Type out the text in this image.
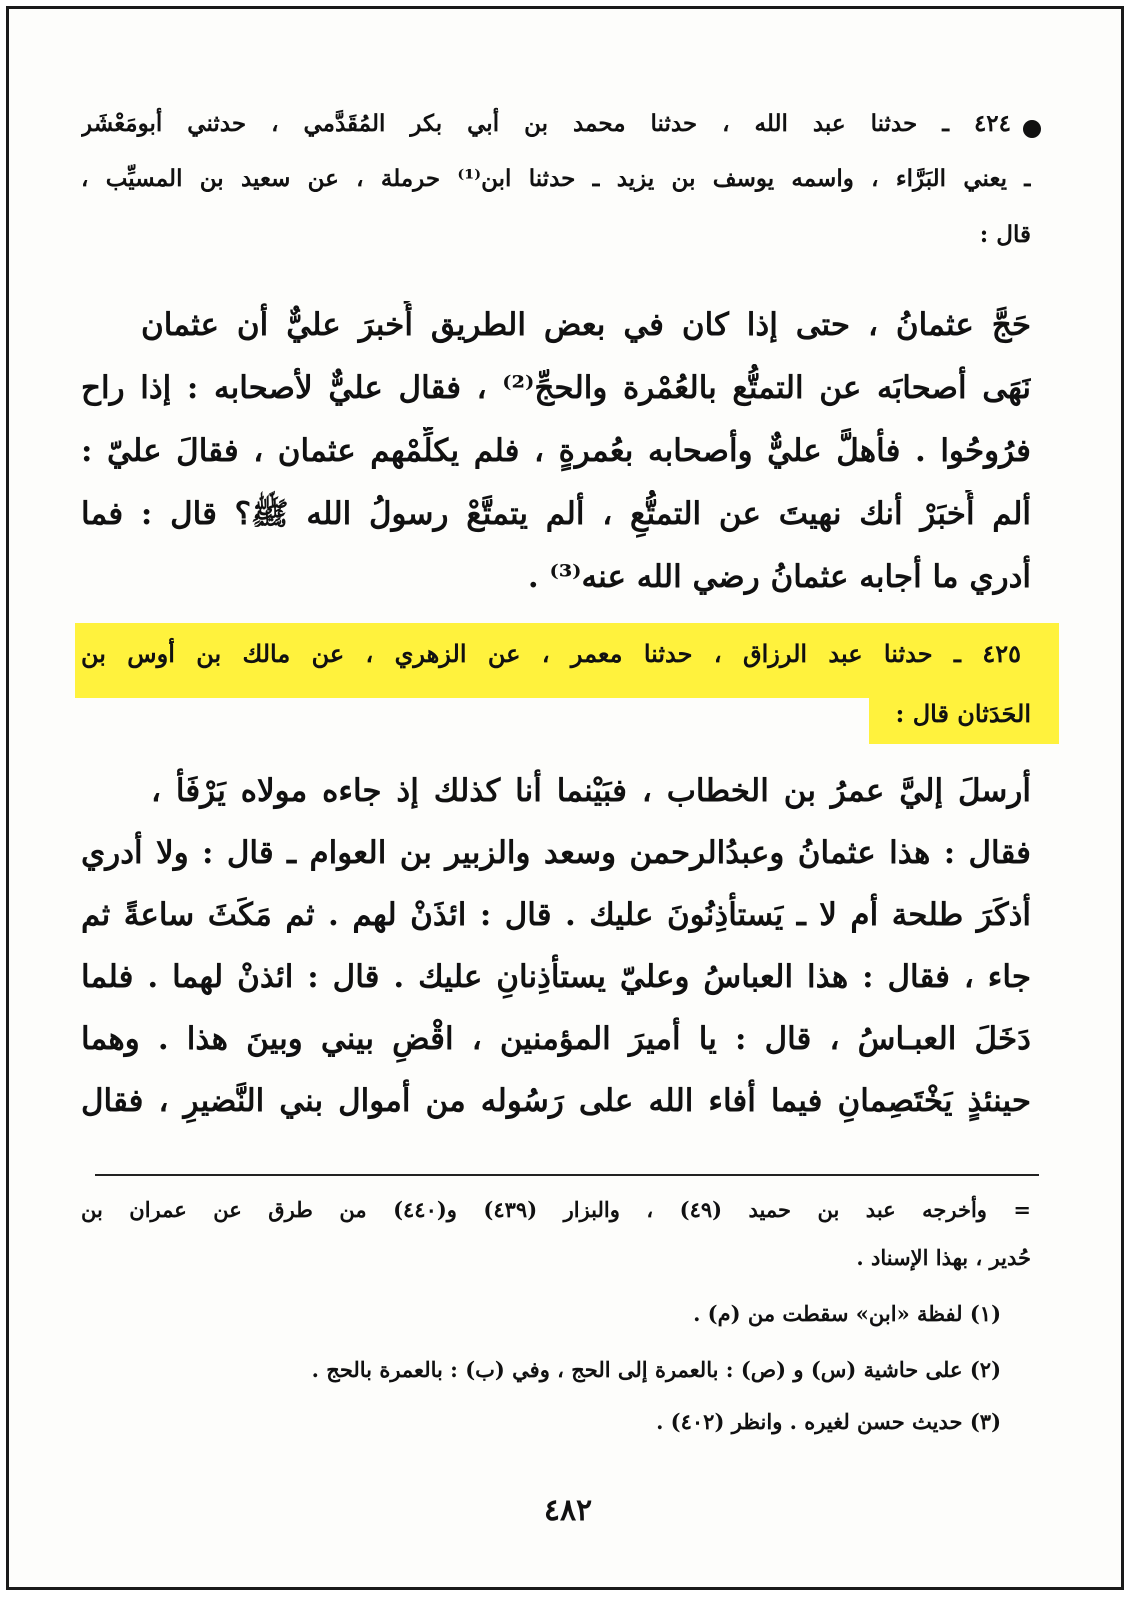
٤٢٤ ـ حدثنا عبد الله ، حدثنا محمد بن أبي بكر المُقَدَّمي ، حدثني أبومَعْشَر
ـ يعني البَرَّاء ، واسمه يوسف بن يزيد ـ حدثنا ابن⁽¹⁾ حرملة ، عن سعيد بن المسيِّب ،
قال :
حَجَّ عثمانُ ، حتى إذا كان في بعض الطريق أُخبرَ عليٌّ أن عثمان
نَهَى أصحابَه عن التمتُّع بالعُمْرة والحجِّ⁽²⁾ ، فقال عليٌّ لأصحابه : إذا راح
فرُوحُوا . فأهلَّ عليٌّ وأصحابه بعُمرةٍ ، فلم يكلِّمْهم عثمان ، فقالَ عليّ :
ألم أُخبَرْ أنك نهيتَ عن التمتُّعِ ، ألم يتمتَّعْ رسولُ الله ﷺ؟ قال : فما
أدري ما أجابه عثمانُ رضي الله عنه⁽³⁾ .
٤٢٥ ـ حدثنا عبد الرزاق ، حدثنا معمر ، عن الزهري ، عن مالك بن أوس بن
الحَدَثان قال :
أرسلَ إليَّ عمرُ بن الخطاب ، فبَيْنما أنا كذلك إذ جاءه مولاه يَرْفَأ ،
فقال : هذا عثمانُ وعبدُالرحمن وسعد والزبير بن العوام ـ قال : ولا أدري
أذكَرَ طلحة أم لا ـ يَستأذِنُونَ عليك . قال : ائذَنْ لهم . ثم مَكَثَ ساعةً ثم
جاء ، فقال : هذا العباسُ وعليّ يستأذِنانِ عليك . قال : ائذنْ لهما . فلما
دَخَلَ العبـاسُ ، قال : يا أميرَ المؤمنين ، اقْضِ بيني وبينَ هذا . وهما
حينئذٍ يَخْتَصِمانِ فيما أفاء الله على رَسُوله من أموال بني النَّضيرِ ، فقال
= وأخرجه عبد بن حميد (٤٩) ، والبزار (٤٣٩) و(٤٤٠) من طرق عن عمران بن
حُدير ، بهذا الإسناد .
(١) لفظة «ابن» سقطت من (م) .
(٢) على حاشية (س) و (ص) : بالعمرة إلى الحج ، وفي (ب) : بالعمرة بالحج .
(٣) حديث حسن لغيره . وانظر (٤٠٢) .
٤٨٢
